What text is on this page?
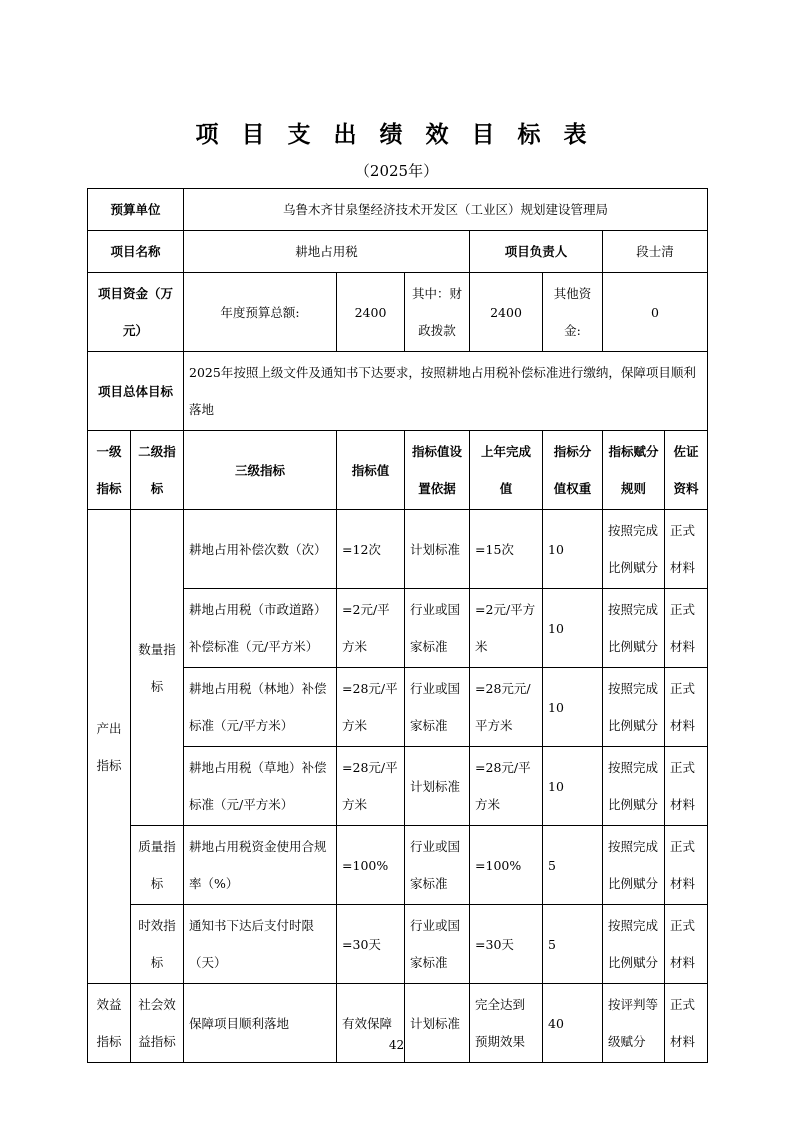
项目支出绩效目标表
（2025年）
预算单位		乌鲁木齐甘泉堡经济技术开发区（工业区）规划建设管理局						
项目名称		耕地占用税			项目负责人		段士清	
项目资金（万元）		年度预算总额:	2400	其中：财政拨款	2400	其他资金:	0	
项目总体目标		2025年按照上级文件及通知书下达要求，按照耕地占用税补偿标准进行缴纳，保障项目顺利落地						
一级指标	二级指标	三级指标	指标值	指标值设置依据	上年完成值	指标分值权重	指标赋分规则	佐证资料
产出指标	数量指标	耕地占用补偿次数（次）	=12次	计划标准	=15次	10	按照完成比例赋分	正式材料
		耕地占用税（市政道路）补偿标准（元/平方米）	=2元/平方米	行业或国家标准	=2元/平方米	10	按照完成比例赋分	正式材料
		耕地占用税（林地）补偿标准（元/平方米）	=28元/平方米	行业或国家标准	=28元元/平方米	10	按照完成比例赋分	正式材料
		耕地占用税（草地）补偿标准（元/平方米）	=28元/平方米	计划标准	=28元/平方米	10	按照完成比例赋分	正式材料
	质量指标	耕地占用税资金使用合规率（%）	=100%	行业或国家标准	=100%	5	按照完成比例赋分	正式材料
	时效指标	通知书下达后支付时限（天）	=30天	行业或国家标准	=30天	5	按照完成比例赋分	正式材料
效益指标	社会效益指标	保障项目顺利落地	有效保障	计划标准	完全达到预期效果	40	按评判等级赋分	正式材料
42
